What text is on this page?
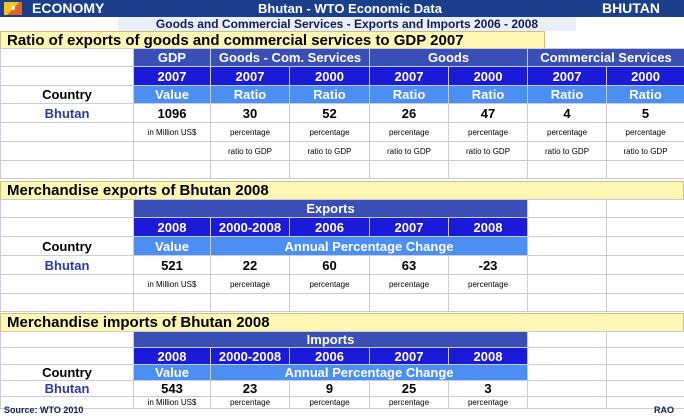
ECONOMY	Bhutan - WTO Economic Data	BHUTAN
Goods and Commercial Services - Exports and Imports 2006 - 2008
Ratio of exports of goods and commercial services to GDP 2007
	GDP	Goods - Com. Services		Goods		Commercial Services	
	2007	2007	2000	2007	2000	2007	2000
Country	Value	Ratio	Ratio	Ratio	Ratio	Ratio	Ratio
Bhutan	1096	30	52	26	47	4	5
	in Million US$	percentage	percentage	percentage	percentage	percentage	percentage
		ratio to GDP	ratio to GDP	ratio to GDP	ratio to GDP	ratio to GDP	ratio to GDP

Merchandise exports of Bhutan 2008
	Exports						
	2008	2000-2008	2006	2007	2008		
Country	Value	Annual Percentage Change					
Bhutan	521	22	60	63	-23		
	in Million US$	percentage	percentage	percentage	percentage		

Merchandise imports of Bhutan 2008
	Imports						
	2008	2000-2008	2006	2007	2008		
Country	Value	Annual Percentage Change					
Bhutan	543	23	9	25	3		
	in Million US$	percentage	percentage	percentage	percentage		
Source: WTO 2010	RAO
